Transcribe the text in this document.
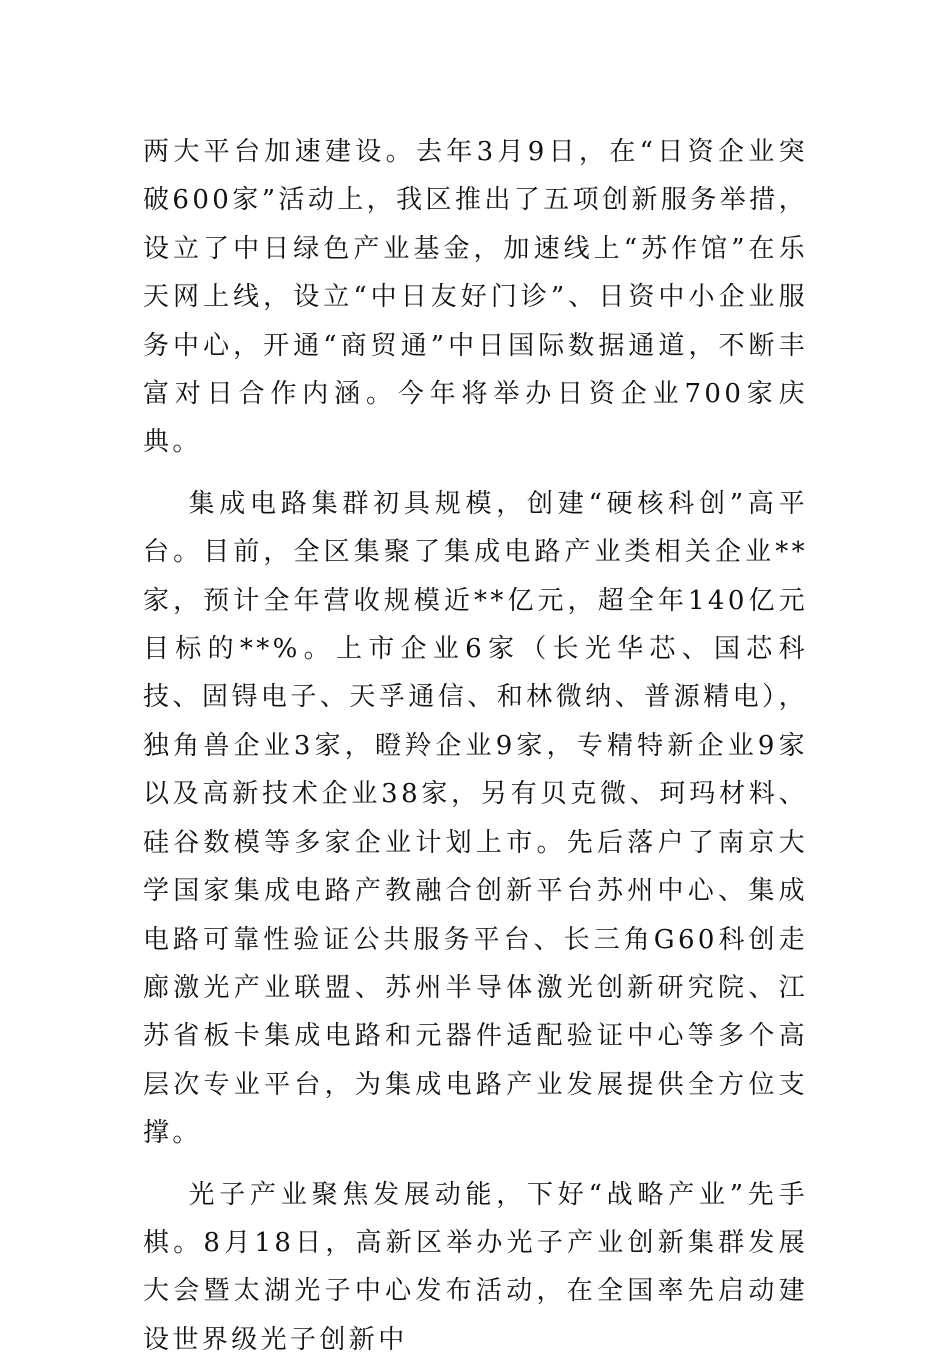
两大平台加速建设。去年3月9日，在“日资企业突破600家”活动上，我区推出了五项创新服务举措，设立了中日绿色产业基金，加速线上“苏作馆”在乐天网上线，设立“中日友好门诊”、日资中小企业服务中心，开通“商贸通”中日国际数据通道，不断丰富对日合作内涵。今年将举办日资企业700家庆典。

集成电路集群初具规模，创建“硬核科创”高平台。目前，全区集聚了集成电路产业类相关企业**家，预计全年营收规模近**亿元，超全年140亿元目标的**%。上市企业6家（长光华芯、国芯科技、固锝电子、天孚通信、和林微纳、普源精电），独角兽企业3家，瞪羚企业9家，专精特新企业9家以及高新技术企业38家，另有贝克微、珂玛材料、硅谷数模等多家企业计划上市。先后落户了南京大学国家集成电路产教融合创新平台苏州中心、集成电路可靠性验证公共服务平台、长三角G60科创走廊激光产业联盟、苏州半导体激光创新研究院、江苏省板卡集成电路和元器件适配验证中心等多个高层次专业平台，为集成电路产业发展提供全方位支撑。

光子产业聚焦发展动能，下好“战略产业”先手棋。8月18日，高新区举办光子产业创新集群发展大会暨太湖光子中心发布活动，在全国率先启动建设世界级光子创新中
